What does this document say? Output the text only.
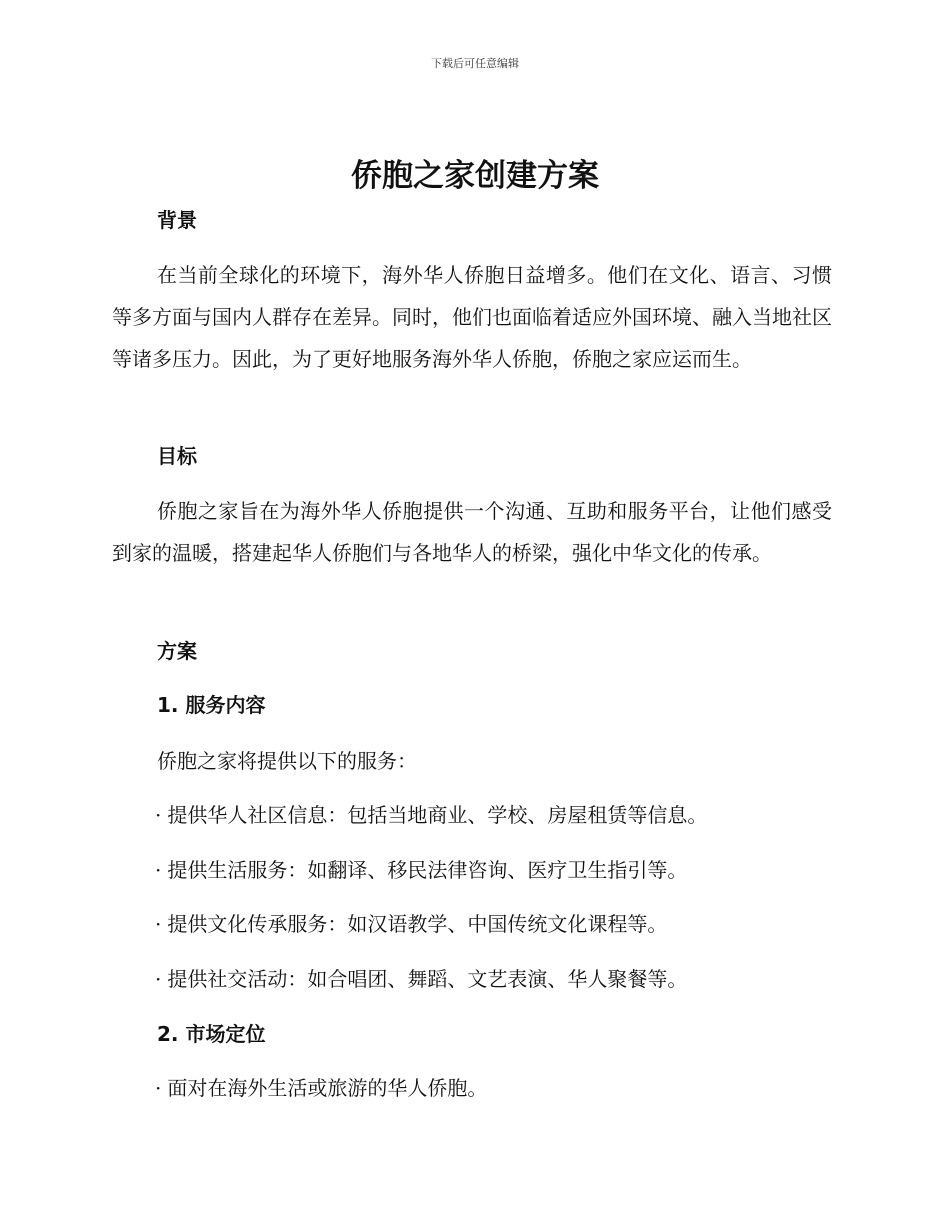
下载后可任意编辑
侨胞之家创建方案
背景

在当前全球化的环境下，海外华人侨胞日益增多。他们在文化、语言、习惯等多方面与国内人群存在差异。同时，他们也面临着适应外国环境、融入当地社区等诸多压力。因此，为了更好地服务海外华人侨胞，侨胞之家应运而生。

目标

侨胞之家旨在为海外华人侨胞提供一个沟通、互助和服务平台，让他们感受到家的温暖，搭建起华人侨胞们与各地华人的桥梁，强化中华文化的传承。

方案
1. 服务内容

侨胞之家将提供以下的服务：

· 提供华人社区信息：包括当地商业、学校、房屋租赁等信息。

· 提供生活服务：如翻译、移民法律咨询、医疗卫生指引等。

· 提供文化传承服务：如汉语教学、中国传统文化课程等。

· 提供社交活动：如合唱团、舞蹈、文艺表演、华人聚餐等。

2. 市场定位

· 面对在海外生活或旅游的华人侨胞。
